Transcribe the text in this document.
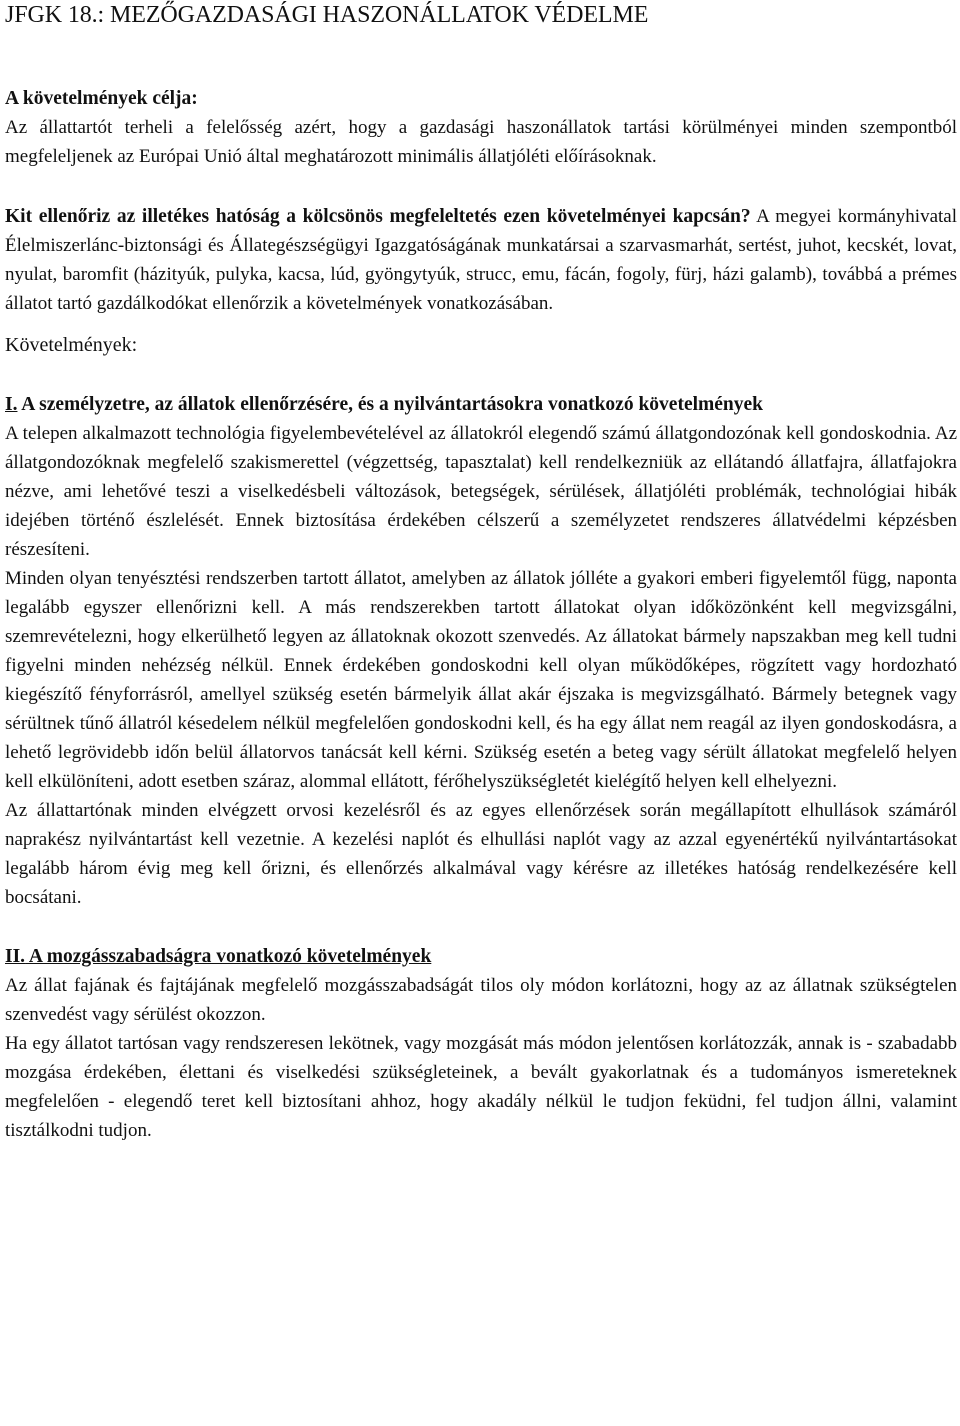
JFGK 18.: MEZŐGAZDASÁGI HASZONÁLLATOK VÉDELME
A követelmények célja:

Az állattartót terheli a felelősség azért, hogy a gazdasági haszonállatok tartási körülményei minden szempontból megfeleljenek az Európai Unió által meghatározott minimális állatjóléti előírásoknak.

Kit ellenőriz az illetékes hatóság a kölcsönös megfeleltetés ezen követelményei kapcsán? A megyei kormányhivatal Élelmiszerlánc-biztonsági és Állategészségügyi Igazgatóságának munkatársai a szarvasmarhát, sertést, juhot, kecskét, lovat, nyulat, baromfit (házityúk, pulyka, kacsa, lúd, gyöngytyúk, strucc, emu, fácán, fogoly, fürj, házi galamb), továbbá a prémes állatot tartó gazdálkodókat ellenőrzik a követelmények vonatkozásában.

Követelmények:
I. A személyzetre, az állatok ellenőrzésére, és a nyilvántartásokra vonatkozó követelmények

A telepen alkalmazott technológia figyelembevételével az állatokról elegendő számú állatgondozónak kell gondoskodnia. Az állatgondozóknak megfelelő szakismerettel (végzettség, tapasztalat) kell rendelkezniük az ellátandó állatfajra, állatfajokra nézve, ami lehetővé teszi a viselkedésbeli változások, betegségek, sérülések, állatjóléti problémák, technológiai hibák idejében történő észlelését. Ennek biztosítása érdekében célszerű a személyzetet rendszeres állatvédelmi képzésben részesíteni.

Minden olyan tenyésztési rendszerben tartott állatot, amelyben az állatok jólléte a gyakori emberi figyelemtől függ, naponta legalább egyszer ellenőrizni kell. A más rendszerekben tartott állatokat olyan időközönként kell megvizsgálni, szemrevételezni, hogy elkerülhető legyen az állatoknak okozott szenvedés. Az állatokat bármely napszakban meg kell tudni figyelni minden nehézség nélkül. Ennek érdekében gondoskodni kell olyan működőképes, rögzített vagy hordozható kiegészítő fényforrásról, amellyel szükség esetén bármelyik állat akár éjszaka is megvizsgálható. Bármely betegnek vagy sérültnek tűnő állatról késedelem nélkül megfelelően gondoskodni kell, és ha egy állat nem reagál az ilyen gondoskodásra, a lehető legrövidebb időn belül állatorvos tanácsát kell kérni. Szükség esetén a beteg vagy sérült állatokat megfelelő helyen kell elkülöníteni, adott esetben száraz, alommal ellátott, férőhelyszükségletét kielégítő helyen kell elhelyezni.

Az állattartónak minden elvégzett orvosi kezelésről és az egyes ellenőrzések során megállapított elhullások számáról naprakész nyilvántartást kell vezetnie. A kezelési naplót és elhullási naplót vagy az azzal egyenértékű nyilvántartásokat legalább három évig meg kell őrizni, és ellenőrzés alkalmával vagy kérésre az illetékes hatóság rendelkezésére kell bocsátani.

II. A mozgásszabadságra vonatkozó követelmények

Az állat fajának és fajtájának megfelelő mozgásszabadságát tilos oly módon korlátozni, hogy az az állatnak szükségtelen szenvedést vagy sérülést okozzon.

Ha egy állatot tartósan vagy rendszeresen lekötnek, vagy mozgását más módon jelentősen korlátozzák, annak is - szabadabb mozgása érdekében, élettani és viselkedési szükségleteinek, a bevált gyakorlatnak és a tudományos ismereteknek megfelelően - elegendő teret kell biztosítani ahhoz, hogy akadály nélkül le tudjon feküdni, fel tudjon állni, valamint tisztálkodni tudjon.
